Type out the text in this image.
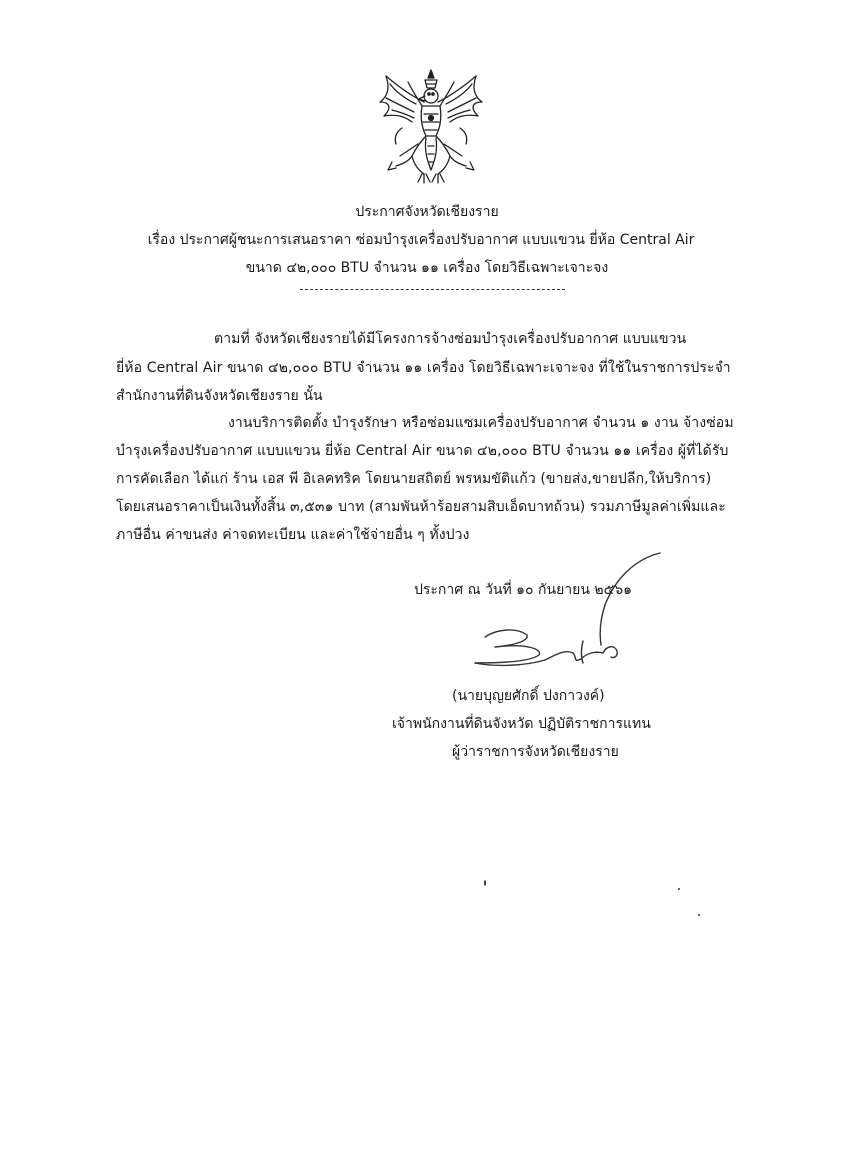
ประกาศจังหวัดเชียงราย
เรื่อง ประกาศผู้ชนะการเสนอราคา ซ่อมบำรุงเครื่องปรับอากาศ แบบแขวน ยี่ห้อ Central Air
ขนาด ๔๒,๐๐๐ BTU จำนวน ๑๑ เครื่อง โดยวิธีเฉพาะเจาะจง
ตามที่ จังหวัดเชียงรายได้มีโครงการจ้างซ่อมบำรุงเครื่องปรับอากาศ แบบแขวน
ยี่ห้อ Central Air ขนาด ๔๒,๐๐๐ BTU จำนวน ๑๑ เครื่อง โดยวิธีเฉพาะเจาะจง ที่ใช้ในราชการประจำ
สำนักงานที่ดินจังหวัดเชียงราย นั้น
งานบริการติดตั้ง บำรุงรักษา หรือซ่อมแซมเครื่องปรับอากาศ จำนวน ๑ งาน จ้างซ่อม
บำรุงเครื่องปรับอากาศ แบบแขวน ยี่ห้อ Central Air ขนาด ๔๒,๐๐๐ BTU จำนวน ๑๑ เครื่อง ผู้ที่ได้รับ
การคัดเลือก ได้แก่ ร้าน เอส พี อิเลคทริค โดยนายสถิตย์ พรหมขัติแก้ว (ขายส่ง,ขายปลีก,ให้บริการ)
โดยเสนอราคาเป็นเงินทั้งสิ้น ๓,๕๓๑ บาท (สามพันห้าร้อยสามสิบเอ็ดบาทถ้วน) รวมภาษีมูลค่าเพิ่มและ
ภาษีอื่น ค่าขนส่ง ค่าจดทะเบียน และค่าใช้จ่ายอื่น ๆ ทั้งปวง
ประกาศ ณ วันที่ ๑๐ กันยายน ๒๕๖๑
(นายบุญยศักดิ์ ปงกาวงค์)
เจ้าพนักงานที่ดินจังหวัด ปฏิบัติราชการแทน
ผู้ว่าราชการจังหวัดเชียงราย
